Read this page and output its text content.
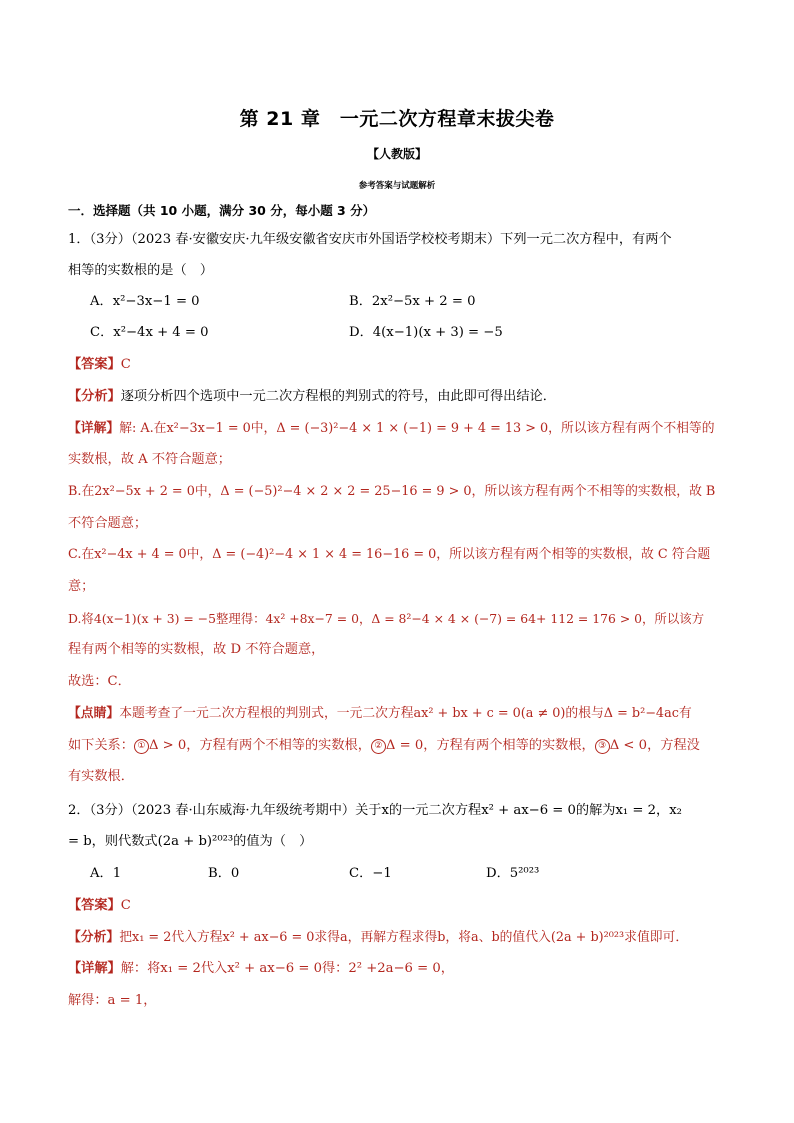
第 21 章　一元二次方程章末拔尖卷
【人教版】
参考答案与试题解析
一．选择题（共 10 小题，满分 30 分，每小题 3 分）
1．（3分）（2023 春·安徽安庆·九年级安徽省安庆市外国语学校校考期末）下列一元二次方程中，有两个
相等的实数根的是（　）
A．x²−3x−1 = 0	B．2x²−5x + 2 = 0
C．x²−4x + 4 = 0	D．4(x−1)(x + 3) = −5
【答案】C
【分析】逐项分析四个选项中一元二次方程根的判别式的符号，由此即可得出结论．
【详解】解: A.在x²−3x−1 = 0中，Δ = (−3)²−4 × 1 × (−1) = 9 + 4 = 13 > 0，所以该方程有两个不相等的
实数根，故 A 不符合题意；
B.在2x²−5x + 2 = 0中，Δ = (−5)²−4 × 2 × 2 = 25−16 = 9 > 0，所以该方程有两个不相等的实数根，故 B
不符合题意；
C.在x²−4x + 4 = 0中，Δ = (−4)²−4 × 1 × 4 = 16−16 = 0，所以该方程有两个相等的实数根，故 C 符合题
意；
D.将4(x−1)(x + 3) = −5整理得：4x² +8x−7 = 0，Δ = 8²−4 × 4 × (−7) = 64+ 112 = 176 > 0，所以该方
程有两个相等的实数根，故 D 不符合题意，
故选：C．
【点睛】本题考查了一元二次方程根的判别式，一元二次方程ax² + bx + c = 0(a ≠ 0)的根与Δ = b²−4ac有
如下关系： ① Δ > 0，方程有两个不相等的实数根， ② Δ = 0，方程有两个相等的实数根， ③ Δ < 0，方程没
有实数根．
2．（3分）（2023 春·山东威海·九年级统考期中）关于x的一元二次方程x² + ax−6 = 0的解为x₁ = 2，x₂
= b，则代数式(2a + b)²⁰²³的值为（　）
A．1	B．0	C．−1	D．5²⁰²³
【答案】C
【分析】把x₁ = 2代入方程x² + ax−6 = 0求得a，再解方程求得b，将a、b的值代入(2a + b)²⁰²³求值即可．
【详解】解：将x₁ = 2代入x² + ax−6 = 0得：2² +2a−6 = 0，
解得：a = 1，
